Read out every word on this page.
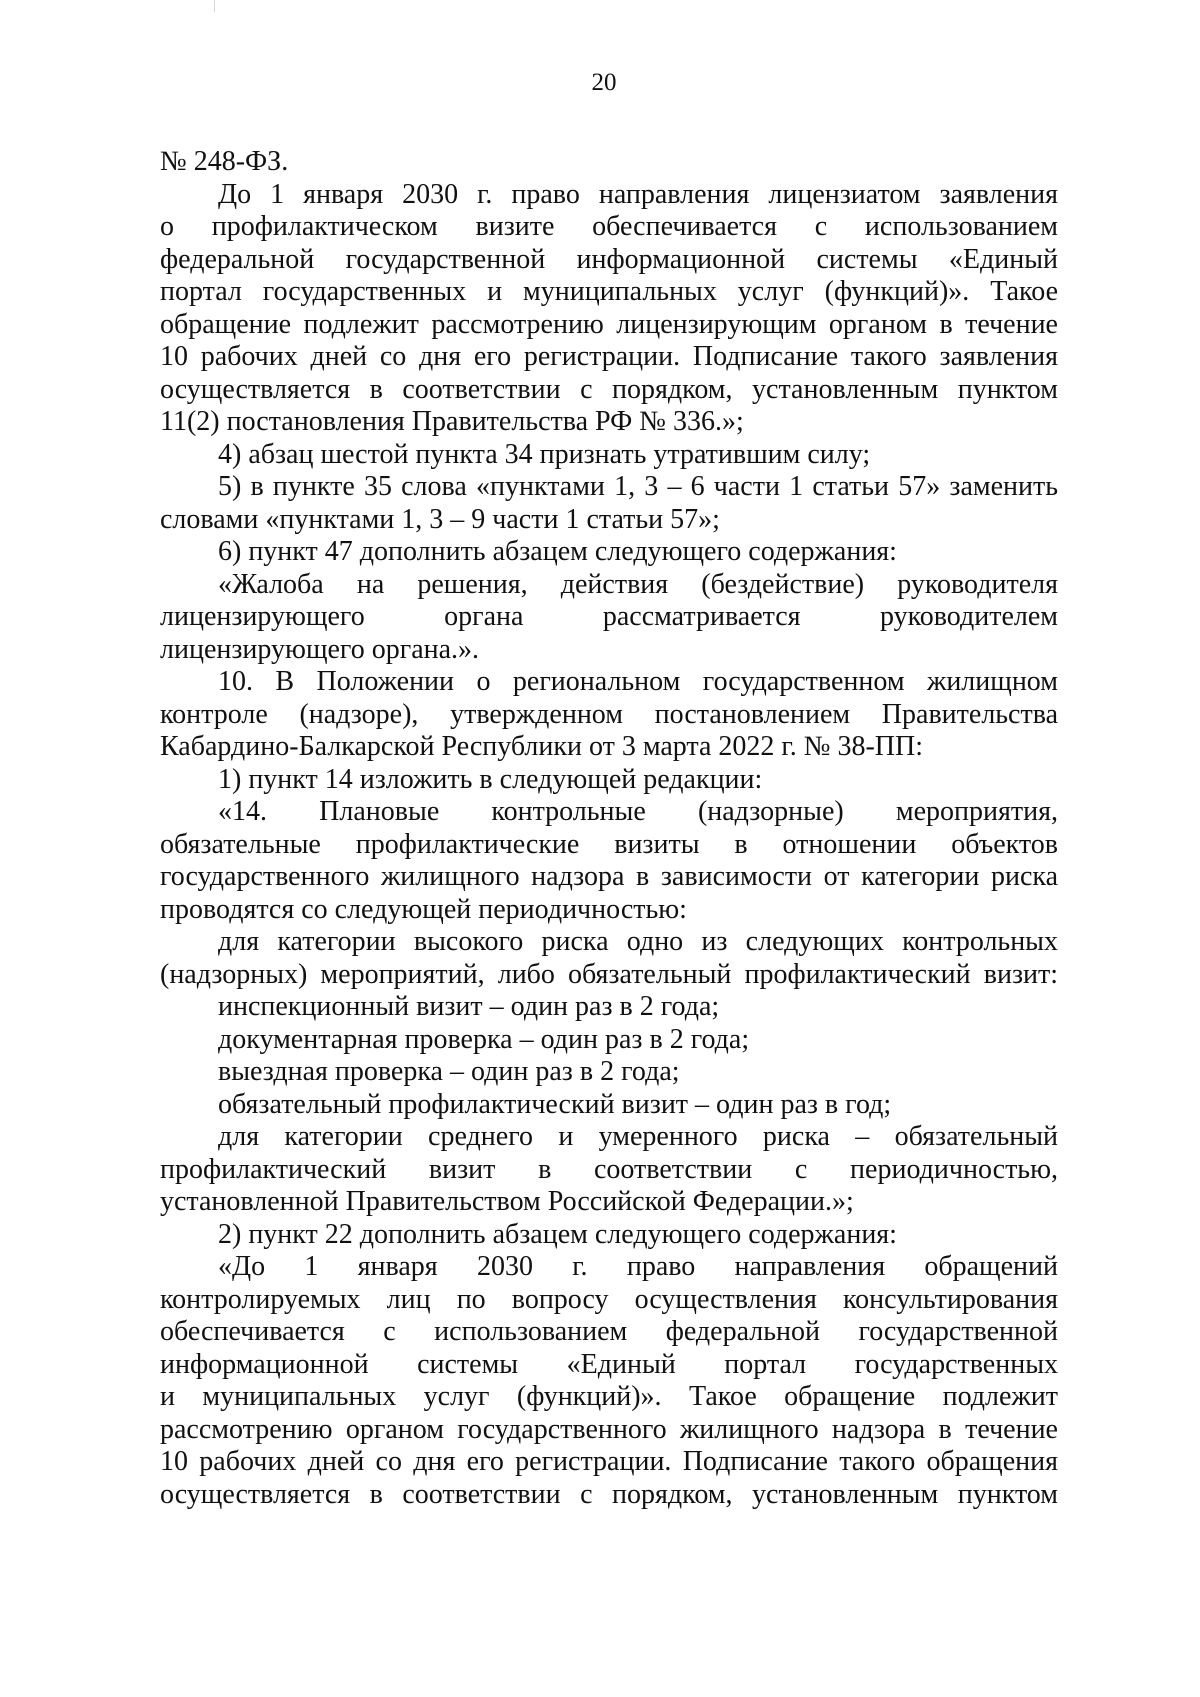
20
№ 248-ФЗ.
До 1 января 2030 г. право направления лицензиатом заявления
о профилактическом визите обеспечивается с использованием
федеральной государственной информационной системы «Единый
портал государственных и муниципальных услуг (функций)». Такое
обращение подлежит рассмотрению лицензирующим органом в течение
10 рабочих дней со дня его регистрации. Подписание такого заявления
осуществляется в соответствии с порядком, установленным пунктом
11(2) постановления Правительства РФ № 336.»;
4) абзац шестой пункта 34 признать утратившим силу;
5) в пункте 35 слова «пунктами 1, 3 – 6 части 1 статьи 57» заменить
словами «пунктами 1, 3 – 9 части 1 статьи 57»;
6) пункт 47 дополнить абзацем следующего содержания:
«Жалоба на решения, действия (бездействие) руководителя
лицензирующего органа рассматривается руководителем
лицензирующего органа.».
10. В Положении о региональном государственном жилищном
контроле (надзоре), утвержденном постановлением Правительства
Кабардино-Балкарской Республики от 3 марта 2022 г. № 38-ПП:
1) пункт 14 изложить в следующей редакции:
«14. Плановые контрольные (надзорные) мероприятия,
обязательные профилактические визиты в отношении объектов
государственного жилищного надзора в зависимости от категории риска
проводятся со следующей периодичностью:
для категории высокого риска одно из следующих контрольных
(надзорных) мероприятий, либо обязательный профилактический визит:
инспекционный визит – один раз в 2 года;
документарная проверка – один раз в 2 года;
выездная проверка – один раз в 2 года;
обязательный профилактический визит – один раз в год;
для категории среднего и умеренного риска – обязательный
профилактический визит в соответствии с периодичностью,
установленной Правительством Российской Федерации.»;
2) пункт 22 дополнить абзацем следующего содержания:
«До 1 января 2030 г. право направления обращений
контролируемых лиц по вопросу осуществления консультирования
обеспечивается с использованием федеральной государственной
информационной системы «Единый портал государственных
и муниципальных услуг (функций)». Такое обращение подлежит
рассмотрению органом государственного жилищного надзора в течение
10 рабочих дней со дня его регистрации. Подписание такого обращения
осуществляется в соответствии с порядком, установленным пунктом
